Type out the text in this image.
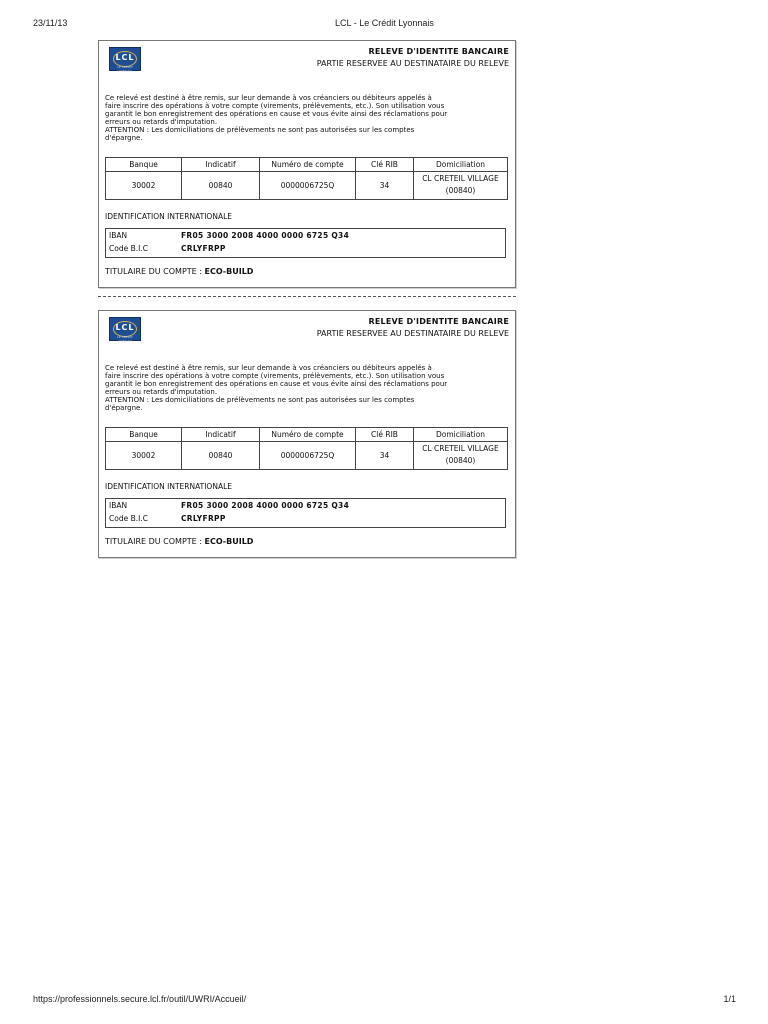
23/11/13	LCL - Le Crédit Lyonnais
LCL
LE CRÉDIT LYONNAIS
RELEVE D'IDENTITE BANCAIRE
PARTIE RESERVEE AU DESTINATAIRE DU RELEVE

Ce relevé est destiné à être remis, sur leur demande à vos créanciers ou débiteurs appelés à

faire inscrire des opérations à votre compte (virements, prélèvements, etc.). Son utilisation vous

garantit le bon enregistrement des opérations en cause et vous évite ainsi des réclamations pour

erreurs ou retards d'imputation.

ATTENTION : Les domiciliations de prélèvements ne sont pas autorisées sur les comptes

d'épargne.

Banque	Indicatif	Numéro de compte	Clé RIB	Domiciliation
30002	00840	0000006725Q	34	CL CRETEIL VILLAGE
(00840)
IDENTIFICATION INTERNATIONALE
IBAN	FR05 3000 2008 4000 0000 6725 Q34
Code B.I.C	CRLYFRPP
TITULAIRE DU COMPTE : ECO-BUILD
LCL
LE CRÉDIT LYONNAIS
RELEVE D'IDENTITE BANCAIRE
PARTIE RESERVEE AU DESTINATAIRE DU RELEVE

Ce relevé est destiné à être remis, sur leur demande à vos créanciers ou débiteurs appelés à

faire inscrire des opérations à votre compte (virements, prélèvements, etc.). Son utilisation vous

garantit le bon enregistrement des opérations en cause et vous évite ainsi des réclamations pour

erreurs ou retards d'imputation.

ATTENTION : Les domiciliations de prélèvements ne sont pas autorisées sur les comptes

d'épargne.

Banque	Indicatif	Numéro de compte	Clé RIB	Domiciliation
30002	00840	0000006725Q	34	CL CRETEIL VILLAGE
(00840)
IDENTIFICATION INTERNATIONALE
IBAN	FR05 3000 2008 4000 0000 6725 Q34
Code B.I.C	CRLYFRPP
TITULAIRE DU COMPTE : ECO-BUILD
https://professionnels.secure.lcl.fr/outil/UWRI/Accueil/	1/1
